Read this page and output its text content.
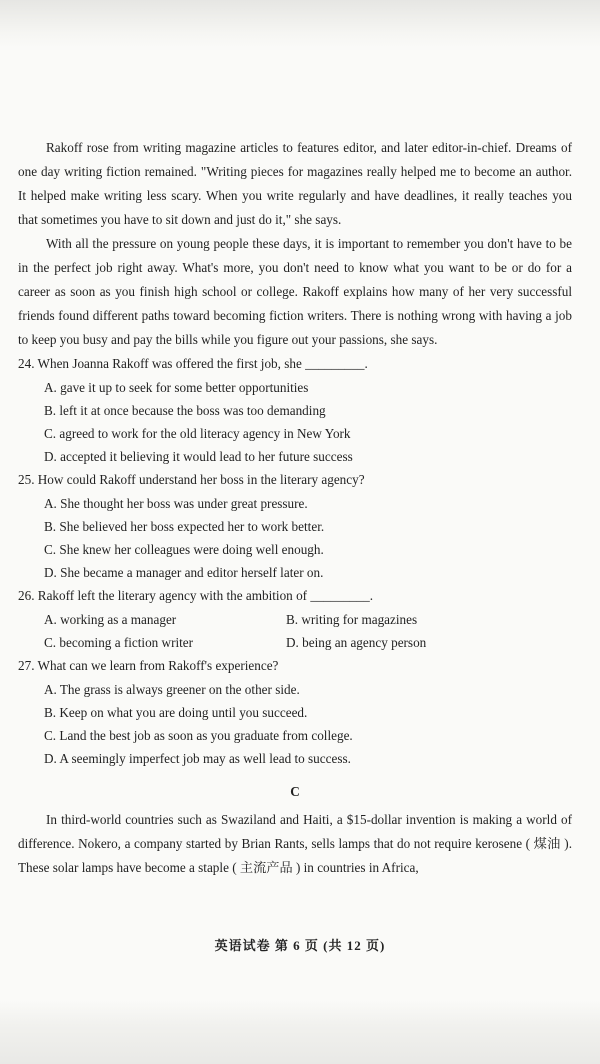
Rakoff rose from writing magazine articles to features editor, and later editor-in-chief. Dreams of one day writing fiction remained. "Writing pieces for magazines really helped me to become an author. It helped make writing less scary. When you write regularly and have deadlines, it really teaches you that sometimes you have to sit down and just do it," she says.

With all the pressure on young people these days, it is important to remember you don't have to be in the perfect job right away. What's more, you don't need to know what you want to be or do for a career as soon as you finish high school or college. Rakoff explains how many of her very successful friends found different paths toward becoming fiction writers. There is nothing wrong with having a job to keep you busy and pay the bills while you figure out your passions, she says.

24. When Joanna Rakoff was offered the first job, she _________.

A. gave it up to seek for some better opportunities

B. left it at once because the boss was too demanding

C. agreed to work for the old literacy agency in New York

D. accepted it believing it would lead to her future success

25. How could Rakoff understand her boss in the literary agency?

A. She thought her boss was under great pressure.

B. She believed her boss expected her to work better.

C. She knew her colleagues were doing well enough.

D. She became a manager and editor herself later on.

26. Rakoff left the literary agency with the ambition of _________.

A. working as a manager	B. writing for magazines
C. becoming a fiction writer	D. being an agency person

27. What can we learn from Rakoff's experience?

A. The grass is always greener on the other side.

B. Keep on what you are doing until you succeed.

C. Land the best job as soon as you graduate from college.

D. A seemingly imperfect job may as well lead to success.

C

In third-world countries such as Swaziland and Haiti, a $15-dollar invention is making a world of difference. Nokero, a company started by Brian Rants, sells lamps that do not require kerosene ( 煤油 ). These solar lamps have become a staple ( 主流产品 ) in countries in Africa,

英语试卷 第 6 页 (共 12 页)
